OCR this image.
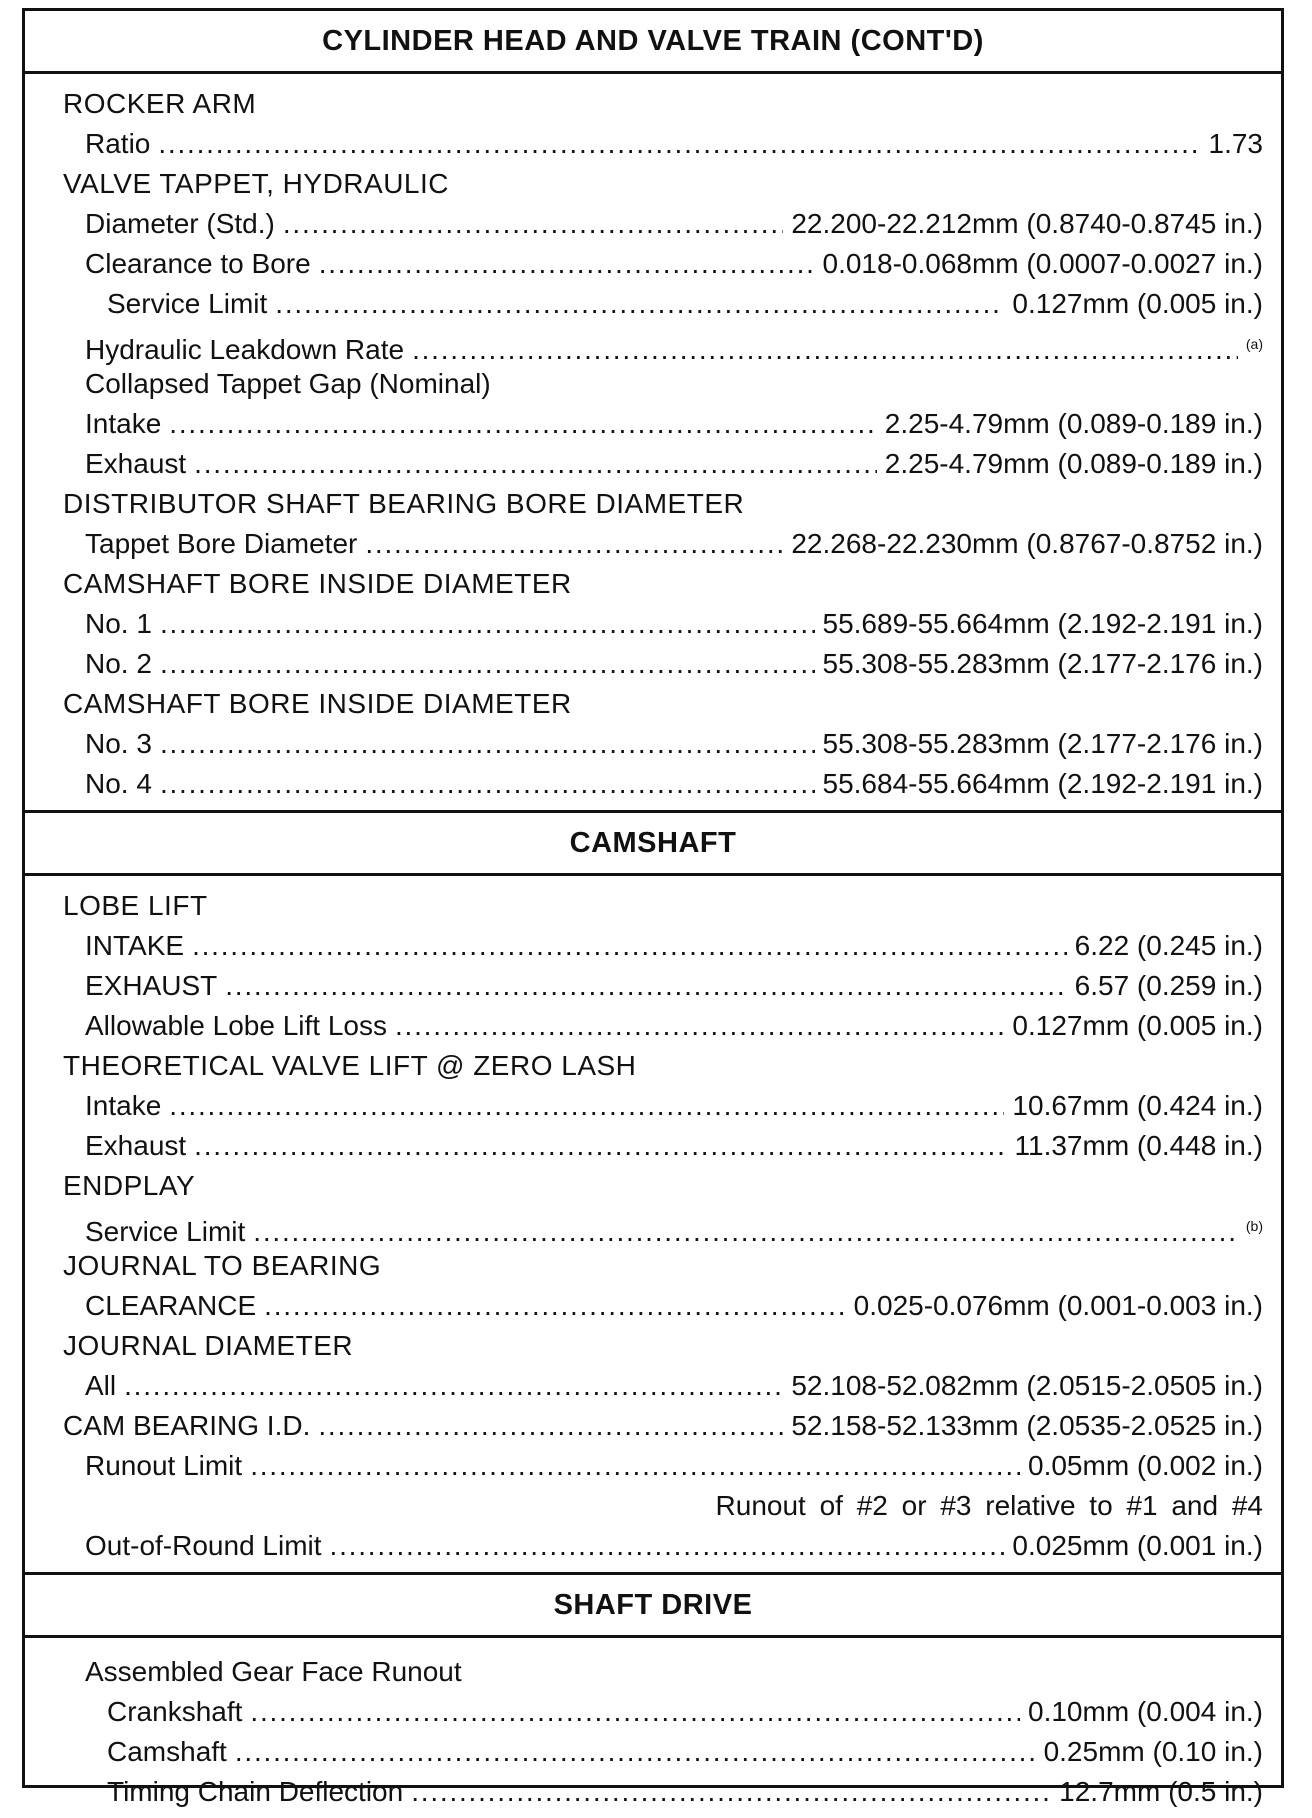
CYLINDER HEAD AND VALVE TRAIN (CONT'D)
ROCKER ARM
Ratio . . .	1.73
VALVE TAPPET, HYDRAULIC
Diameter (Std.) . . .	22.200-22.212mm (0.8740-0.8745 in.)
Clearance to Bore . . .	0.018-0.068mm (0.0007-0.0027 in.)
Service Limit . . .	0.127mm (0.005 in.)
Hydraulic Leakdown Rate . . .	$^{(a)}$
Collapsed Tappet Gap (Nominal)
Intake . . .	2.25-4.79mm (0.089-0.189 in.)
Exhaust . . .	2.25-4.79mm (0.089-0.189 in.)
DISTRIBUTOR SHAFT BEARING BORE DIAMETER
Tappet Bore Diameter . . .	22.268-22.230mm (0.8767-0.8752 in.)
CAMSHAFT BORE INSIDE DIAMETER
No. 1 . . .	55.689-55.664mm (2.192-2.191 in.)
No. 2 . . .	55.308-55.283mm (2.177-2.176 in.)
CAMSHAFT BORE INSIDE DIAMETER
No. 3 . . .	55.308-55.283mm (2.177-2.176 in.)
No. 4 . . .	55.684-55.664mm (2.192-2.191 in.)
CAMSHAFT
LOBE LIFT
INTAKE . . .	6.22 (0.245 in.)
EXHAUST . . .	6.57 (0.259 in.)
Allowable Lobe Lift Loss . . .	0.127mm (0.005 in.)
THEORETICAL VALVE LIFT @ ZERO LASH
Intake . . .	10.67mm (0.424 in.)
Exhaust . . .	11.37mm (0.448 in.)
ENDPLAY
Service Limit . . .	$^{(b)}$
JOURNAL TO BEARING
CLEARANCE . . .	0.025-0.076mm (0.001-0.003 in.)
JOURNAL DIAMETER
All . . .	52.108-52.082mm (2.0515-2.0505 in.)
CAM BEARING I.D. . . .	52.158-52.133mm (2.0535-2.0525 in.)
Runout Limit . . .	0.05mm (0.002 in.)
Runout of #2 or #3 relative to #1 and #4
Out-of-Round Limit . . .	0.025mm (0.001 in.)
SHAFT DRIVE
Assembled Gear Face Runout
Crankshaft . . .	0.10mm (0.004 in.)
Camshaft . . .	0.25mm (0.10 in.)
Timing Chain Deflection . . .	12.7mm (0.5 in.)
